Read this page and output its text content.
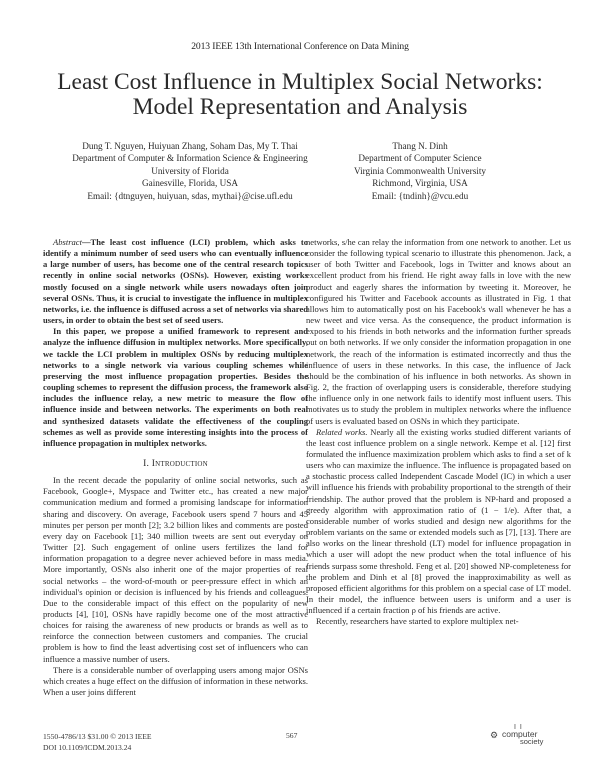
2013 IEEE 13th International Conference on Data Mining
Least Cost Influence in Multiplex Social Networks:
Model Representation and Analysis
Dung T. Nguyen, Huiyuan Zhang, Soham Das, My T. Thai
Department of Computer & Information Science & Engineering
University of Florida
Gainesville, Florida, USA
Email: {dtnguyen, huiyuan, sdas, mythai}@cise.ufl.edu
Thang N. Dinh
Department of Computer Science
Virginia Commonwealth University
Richmond, Virginia, USA
Email: {tndinh}@vcu.edu

Abstract—The least cost influence (LCI) problem, which asks to identify a minimum number of seed users who can eventually influence a large number of users, has become one of the central research topics recently in online social networks (OSNs). However, existing works mostly focused on a single network while users nowadays often join several OSNs. Thus, it is crucial to investigate the influence in multiplex networks, i.e. the influence is diffused across a set of networks via shared users, in order to obtain the best set of seed users.

In this paper, we propose a unified framework to represent and analyze the influence diffusion in multiplex networks. More specifically, we tackle the LCI problem in multiplex OSNs by reducing multiplex networks to a single network via various coupling schemes while preserving the most influence propagation properties. Besides the coupling schemes to represent the diffusion process, the framework also includes the influence relay, a new metric to measure the flow of influence inside and between networks. The experiments on both real and synthesized datasets validate the effectiveness of the coupling schemes as well as provide some interesting insights into the process of influence propagation in multiplex networks.

I. Introduction

In the recent decade the popularity of online social networks, such as Facebook, Google+, Myspace and Twitter etc., has created a new major communication medium and formed a promising landscape for information sharing and discovery. On average, Facebook users spend 7 hours and 45 minutes per person per month [2]; 3.2 billion likes and comments are posted every day on Facebook [1]; 340 million tweets are sent out everyday on Twitter [2]. Such engagement of online users fertilizes the land for information propagation to a degree never achieved before in mass media. More importantly, OSNs also inherit one of the major properties of real social networks – the word-of-mouth or peer-pressure effect in which an individual's opinion or decision is influenced by his friends and colleagues. Due to the considerable impact of this effect on the popularity of new products [4], [10], OSNs have rapidly become one of the most attractive choices for raising the awareness of new products or brands as well as to reinforce the connection between customers and companies. The crucial problem is how to find the least advertising cost set of influencers who can influence a massive number of users.

There is a considerable number of overlapping users among major OSNs which creates a huge effect on the diffusion of information in these networks. When a user joins different

networks, s/he can relay the information from one network to another. Let us consider the following typical scenario to illustrate this phenomenon. Jack, a user of both Twitter and Facebook, logs in Twitter and knows about an excellent product from his friend. He right away falls in love with the new product and eagerly shares the information by tweeting it. Moreover, he configured his Twitter and Facebook accounts as illustrated in Fig. 1 that allows him to automatically post on his Facebook's wall whenever he has a new tweet and vice versa. As the consequence, the product information is exposed to his friends in both networks and the information further spreads out on both networks. If we only consider the information propagation in one network, the reach of the information is estimated incorrectly and thus the influence of users in these networks. In this case, the influence of Jack should be the combination of his influence in both networks. As shown in Fig. 2, the fraction of overlapping users is considerable, therefore studying the influence only in one network fails to identify most influent users. This motivates us to study the problem in multiplex networks where the influence of users is evaluated based on OSNs in which they participate.

Related works. Nearly all the existing works studied different variants of the least cost influence problem on a single network. Kempe et al. [12] first formulated the influence maximization problem which asks to find a set of k users who can maximize the influence. The influence is propagated based on a stochastic process called Independent Cascade Model (IC) in which a user will influence his friends with probability proportional to the strength of their friendship. The author proved that the problem is NP-hard and proposed a greedy algorithm with approximation ratio of (1 − 1/e). After that, a considerable number of works studied and design new algorithms for the problem variants on the same or extended models such as [7], [13]. There are also works on the linear threshold (LT) model for influence propagation in which a user will adopt the new product when the total influence of his friends surpass some threshold. Feng et al. [20] showed NP-completeness for the problem and Dinh et al [8] proved the inapproximability as well as proposed efficient algorithms for this problem on a special case of LT model. In their model, the influence between users is uniform and a user is influenced if a certain fraction ρ of his friends are active.

Recently, researchers have started to explore multiplex net-

1550-4786/13 $31.00 © 2013 IEEE
DOI 10.1109/ICDM.2013.24
567
I I
⚙ computer
society
